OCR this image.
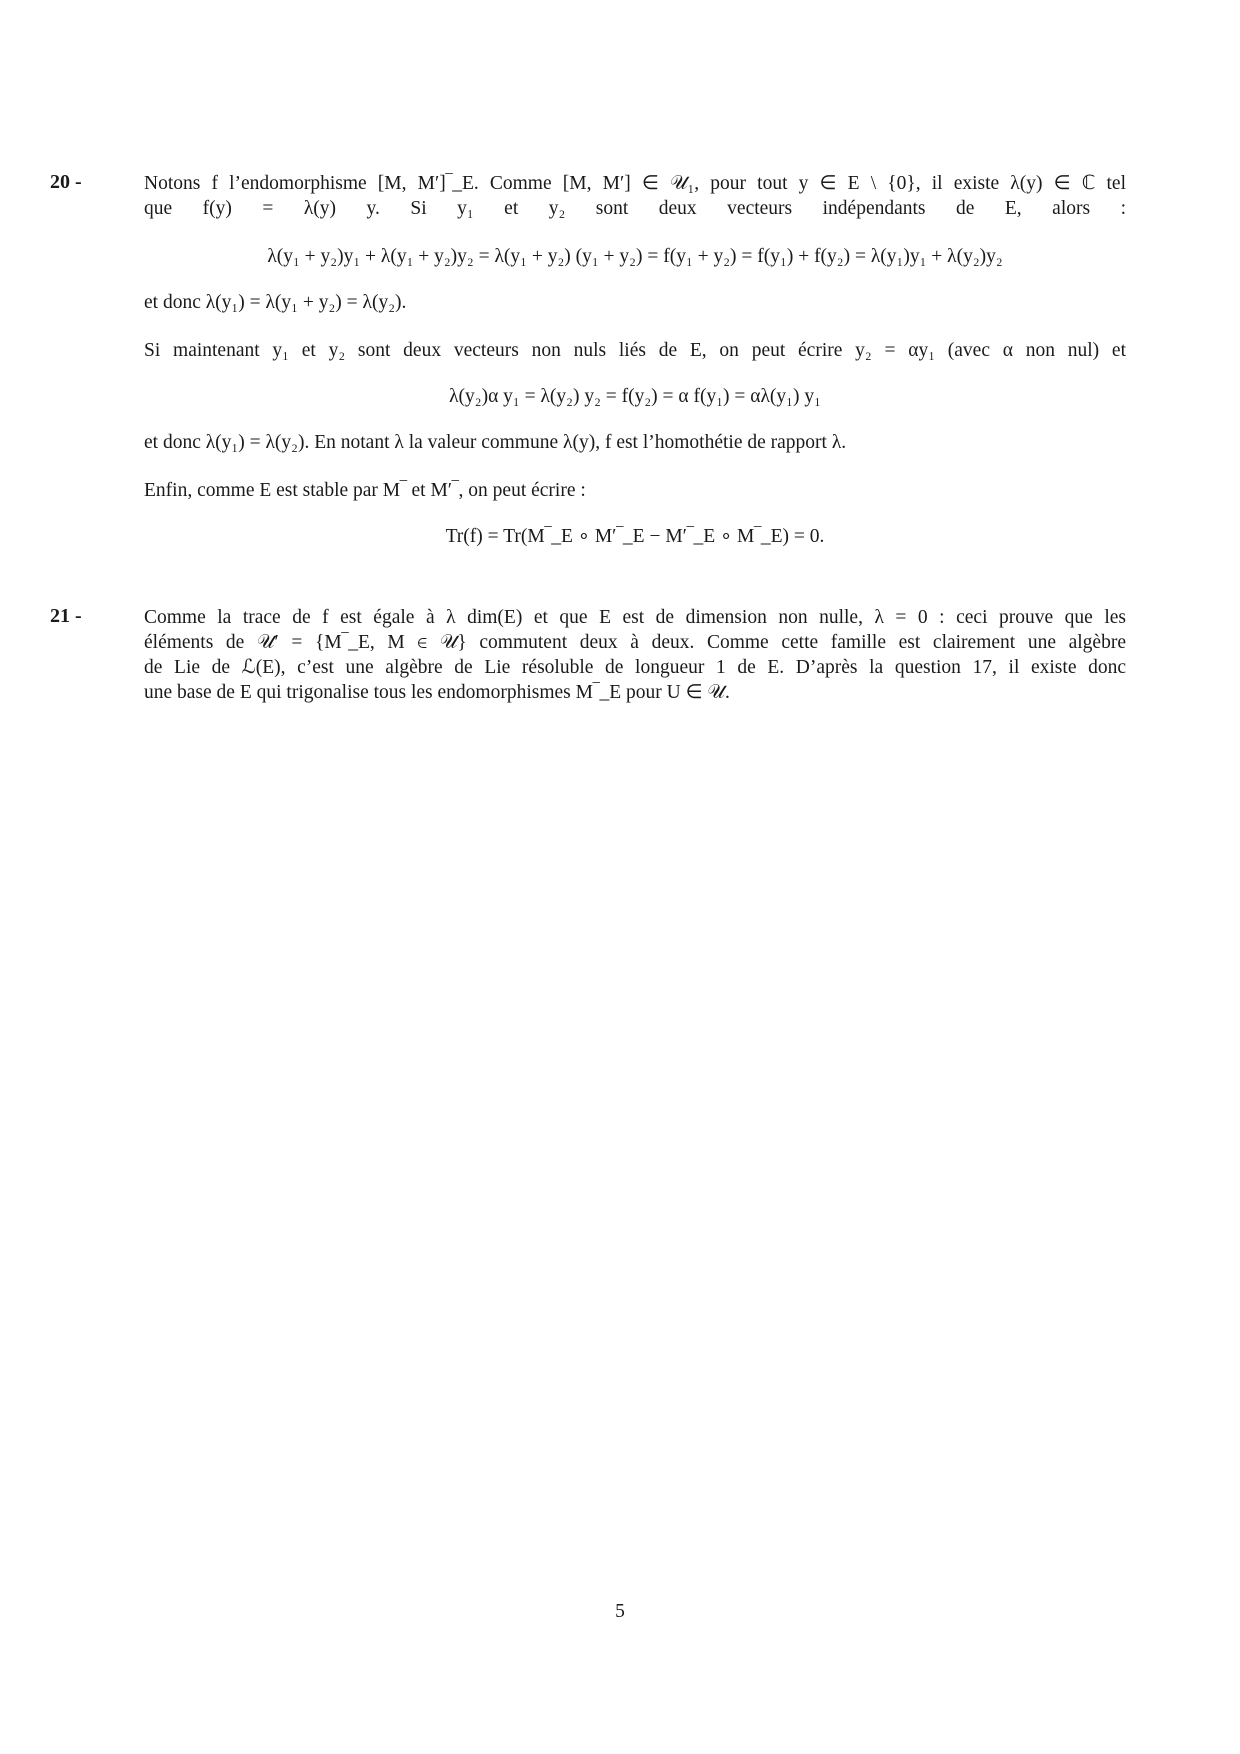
20 -	Notons f l’endomorphisme [M, M′]‾_E. Comme [M, M′] ∈ 𝒰₁, pour tout y ∈ E \ {0}, il existe λ(y) ∈ ℂ tel
que f(y) = λ(y) y. Si y₁ et y₂ sont deux vecteurs indépendants de E, alors :
λ(y₁ + y₂)y₁ + λ(y₁ + y₂)y₂ = λ(y₁ + y₂) (y₁ + y₂) = f(y₁ + y₂) = f(y₁) + f(y₂) = λ(y₁)y₁ + λ(y₂)y₂
et donc λ(y₁) = λ(y₁ + y₂) = λ(y₂).
Si maintenant y₁ et y₂ sont deux vecteurs non nuls liés de E, on peut écrire y₂ = αy₁ (avec α non nul) et
λ(y₂)α y₁ = λ(y₂) y₂ = f(y₂) = α f(y₁) = αλ(y₁) y₁
et donc λ(y₁) = λ(y₂). En notant λ la valeur commune λ(y), f est l’homothétie de rapport λ.
Enfin, comme E est stable par M‾ et M′‾, on peut écrire :
Tr(f) = Tr(M‾_E ∘ M′‾_E − M′‾_E ∘ M‾_E) = 0.
21 -	Comme la trace de f est égale à λ dim(E) et que E est de dimension non nulle, λ = 0 : ceci prouve que les
éléments de 𝒰′ = {M‾_E, M ∈ 𝒰} commutent deux à deux. Comme cette famille est clairement une algèbre
de Lie de ℒ(E), c’est une algèbre de Lie résoluble de longueur 1 de E. D’après la question 17, il existe donc
une base de E qui trigonalise tous les endomorphismes M‾_E pour U ∈ 𝒰.
5
